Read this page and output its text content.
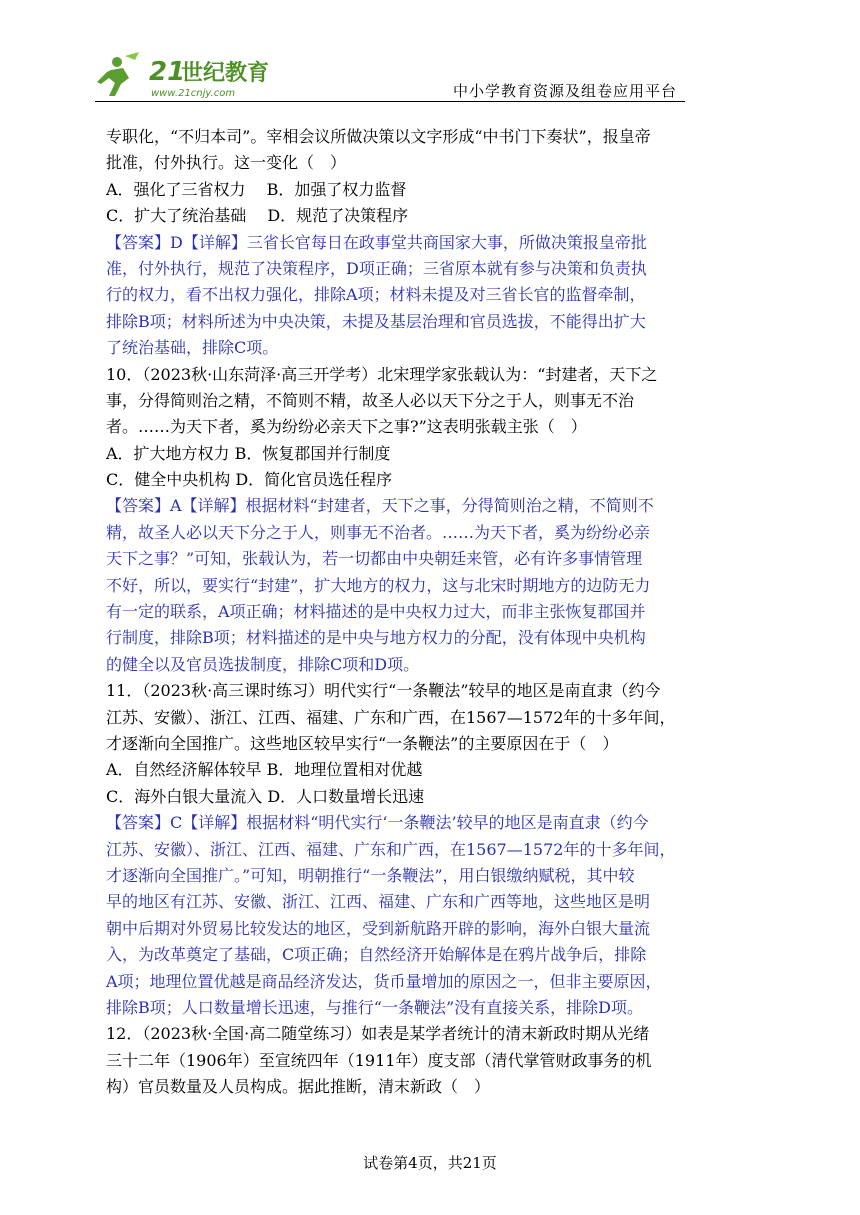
21
世纪教育
www.21cnjy.com	中小学教育资源及组卷应用平台
专职化，“不归本司”。宰相会议所做决策以文字形成“中书门下奏状”，报皇帝
批准，付外执行。这一变化（　）
A．强化了三省权力　 B．加强了权力监督
C．扩大了统治基础　 D．规范了决策程序
【答案】D【详解】三省长官每日在政事堂共商国家大事，所做决策报皇帝批
准，付外执行，规范了决策程序，D项正确；三省原本就有参与决策和负责执
行的权力，看不出权力强化，排除A项；材料未提及对三省长官的监督牵制，
排除B项；材料所述为中央决策，未提及基层治理和官员选拔，不能得出扩大
了统治基础，排除C项。
10．（2023秋·山东菏泽·高三开学考）北宋理学家张载认为：“封建者，天下之
事，分得简则治之精，不简则不精，故圣人必以天下分之于人，则事无不治
者。……为天下者，奚为纷纷必亲天下之事?”这表明张载主张（　）
A．扩大地方权力 B．恢复郡国并行制度
C．健全中央机构 D．简化官员选任程序
【答案】A【详解】根据材料“封建者，天下之事，分得简则治之精，不简则不
精，故圣人必以天下分之于人，则事无不治者。……为天下者，奚为纷纷必亲
天下之事？”可知，张载认为，若一切都由中央朝廷来管，必有许多事情管理
不好，所以，要实行“封建”，扩大地方的权力，这与北宋时期地方的边防无力
有一定的联系，A项正确；材料描述的是中央权力过大，而非主张恢复郡国并
行制度，排除B项；材料描述的是中央与地方权力的分配，没有体现中央机构
的健全以及官员选拔制度，排除C项和D项。
11．（2023秋·高三课时练习）明代实行“一条鞭法”较早的地区是南直隶（约今
江苏、安徽）、浙江、江西、福建、广东和广西，在1567—1572年的十多年间，
才逐渐向全国推广。这些地区较早实行“一条鞭法”的主要原因在于（　）
A．自然经济解体较早 B．地理位置相对优越
C．海外白银大量流入 D．人口数量增长迅速
【答案】C【详解】根据材料“明代实行‘一条鞭法’较早的地区是南直隶（约今
江苏、安徽）、浙江、江西、福建、广东和广西，在1567—1572年的十多年间，
才逐渐向全国推广。”可知，明朝推行“一条鞭法”，用白银缴纳赋税，其中较
早的地区有江苏、安徽、浙江、江西、福建、广东和广西等地，这些地区是明
朝中后期对外贸易比较发达的地区，受到新航路开辟的影响，海外白银大量流
入，为改革奠定了基础，C项正确；自然经济开始解体是在鸦片战争后，排除
A项；地理位置优越是商品经济发达，货币量增加的原因之一，但非主要原因，
排除B项；人口数量增长迅速，与推行“一条鞭法”没有直接关系，排除D项。
12．（2023秋·全国·高二随堂练习）如表是某学者统计的清末新政时期从光绪
三十二年（1906年）至宣统四年（1911年）度支部（清代掌管财政事务的机
构）官员数量及人员构成。据此推断，清末新政（　）
试卷第4页，共21页
